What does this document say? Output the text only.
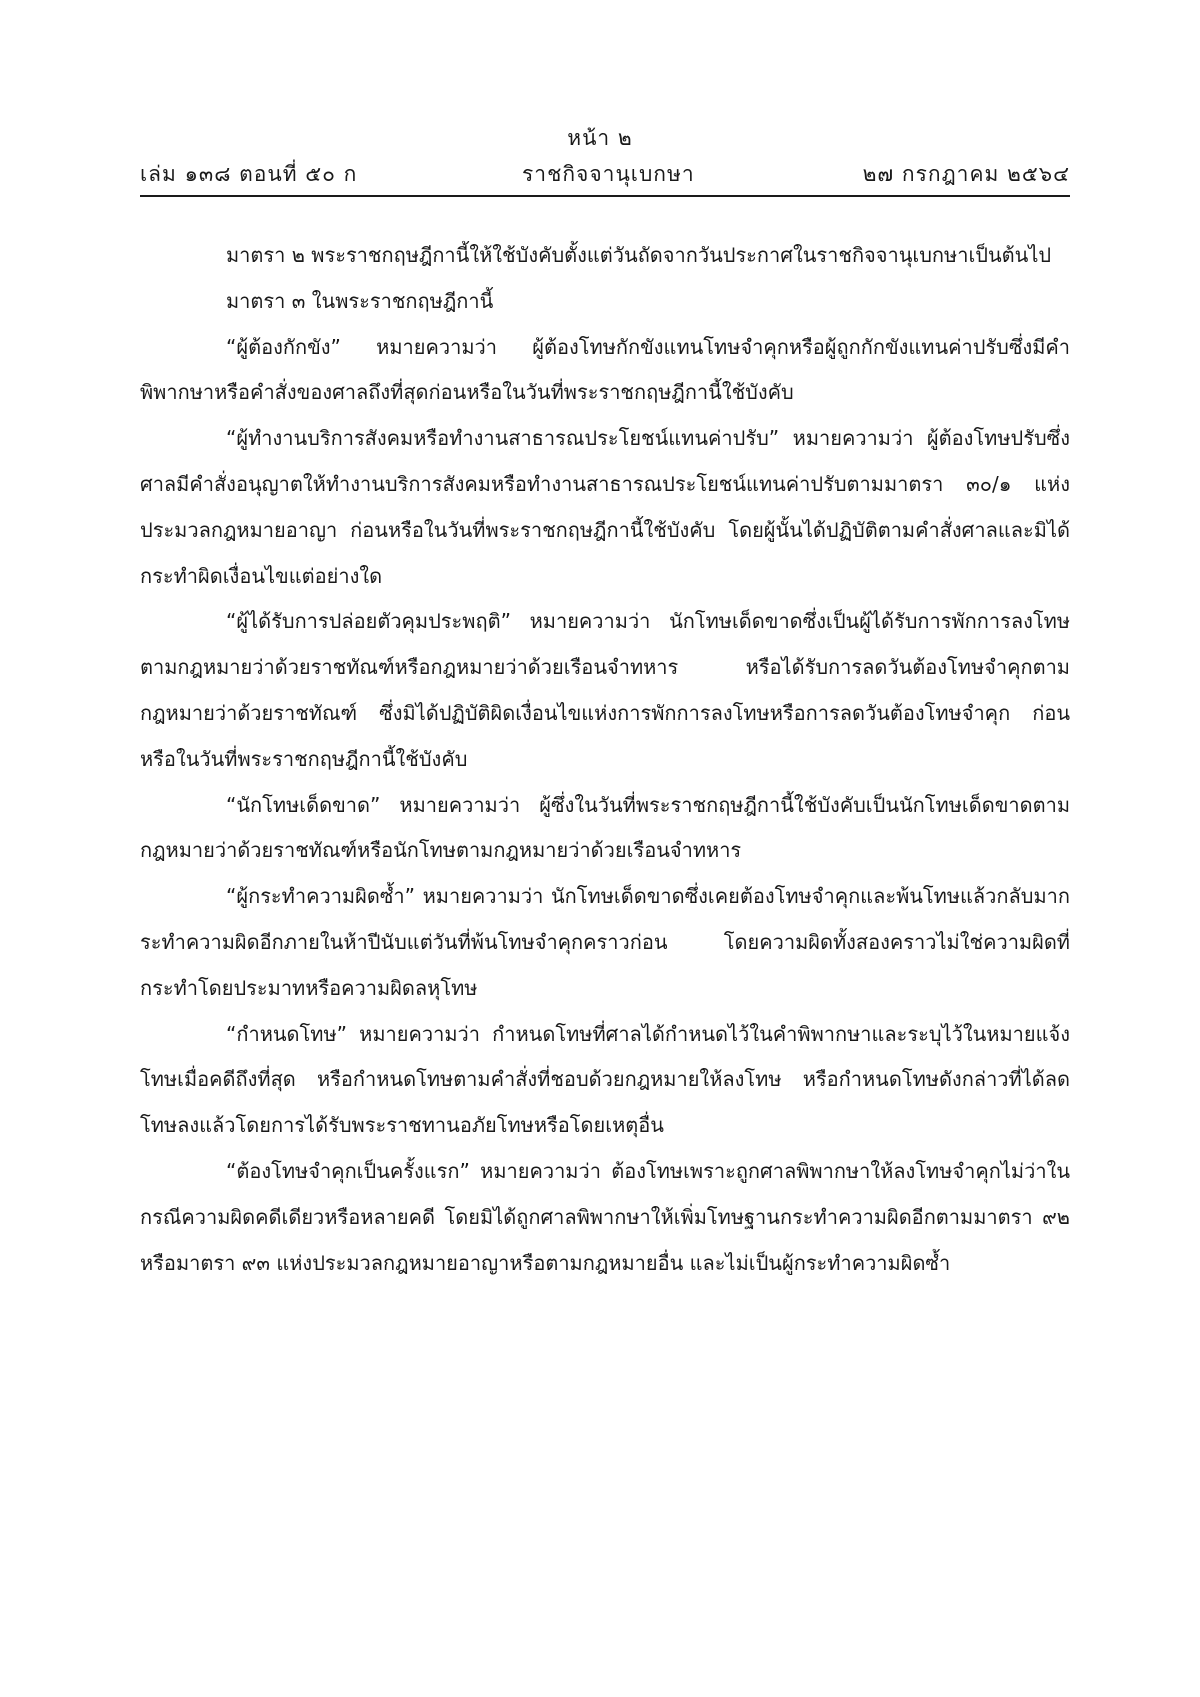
หน้า ๒
เล่ม ๑๓๘ ตอนที่ ๕๐ ก	ราชกิจจานุเบกษา	๒๗ กรกฎาคม ๒๕๖๔

มาตรา ๒ พระราชกฤษฎีกานี้ให้ใช้บังคับตั้งแต่วันถัดจากวันประกาศในราชกิจจานุเบกษาเป็นต้นไป

มาตรา ๓ ในพระราชกฤษฎีกานี้

“ผู้ต้องกักขัง” หมายความว่า ผู้ต้องโทษกักขังแทนโทษจำคุกหรือผู้ถูกกักขังแทนค่าปรับซึ่งมีคำพิพากษาหรือคำสั่งของศาลถึงที่สุดก่อนหรือในวันที่พระราชกฤษฎีกานี้ใช้บังคับ

“ผู้ทำงานบริการสังคมหรือทำงานสาธารณประโยชน์แทนค่าปรับ” หมายความว่า ผู้ต้องโทษปรับซึ่งศาลมีคำสั่งอนุญาตให้ทำงานบริการสังคมหรือทำงานสาธารณประโยชน์แทนค่าปรับตามมาตรา ๓๐/๑ แห่งประมวลกฎหมายอาญา ก่อนหรือในวันที่พระราชกฤษฎีกานี้ใช้บังคับ โดยผู้นั้นได้ปฏิบัติตามคำสั่งศาลและมิได้กระทำผิดเงื่อนไขแต่อย่างใด

“ผู้ได้รับการปล่อยตัวคุมประพฤติ” หมายความว่า นักโทษเด็ดขาดซึ่งเป็นผู้ได้รับการพักการลงโทษตามกฎหมายว่าด้วยราชทัณฑ์หรือกฎหมายว่าด้วยเรือนจำทหาร หรือได้รับการลดวันต้องโทษจำคุกตามกฎหมายว่าด้วยราชทัณฑ์ ซึ่งมิได้ปฏิบัติผิดเงื่อนไขแห่งการพักการลงโทษหรือการลดวันต้องโทษจำคุก ก่อนหรือในวันที่พระราชกฤษฎีกานี้ใช้บังคับ

“นักโทษเด็ดขาด” หมายความว่า ผู้ซึ่งในวันที่พระราชกฤษฎีกานี้ใช้บังคับเป็นนักโทษเด็ดขาดตามกฎหมายว่าด้วยราชทัณฑ์หรือนักโทษตามกฎหมายว่าด้วยเรือนจำทหาร

“ผู้กระทำความผิดซ้ำ” หมายความว่า นักโทษเด็ดขาดซึ่งเคยต้องโทษจำคุกและพ้นโทษแล้วกลับมากระทำความผิดอีกภายในห้าปีนับแต่วันที่พ้นโทษจำคุกคราวก่อน โดยความผิดทั้งสองคราวไม่ใช่ความผิดที่กระทำโดยประมาทหรือความผิดลหุโทษ

“กำหนดโทษ” หมายความว่า กำหนดโทษที่ศาลได้กำหนดไว้ในคำพิพากษาและระบุไว้ในหมายแจ้งโทษเมื่อคดีถึงที่สุด หรือกำหนดโทษตามคำสั่งที่ชอบด้วยกฎหมายให้ลงโทษ หรือกำหนดโทษดังกล่าวที่ได้ลดโทษลงแล้วโดยการได้รับพระราชทานอภัยโทษหรือโดยเหตุอื่น

“ต้องโทษจำคุกเป็นครั้งแรก” หมายความว่า ต้องโทษเพราะถูกศาลพิพากษาให้ลงโทษจำคุกไม่ว่าในกรณีความผิดคดีเดียวหรือหลายคดี โดยมิได้ถูกศาลพิพากษาให้เพิ่มโทษฐานกระทำความผิดอีกตามมาตรา ๙๒ หรือมาตรา ๙๓ แห่งประมวลกฎหมายอาญาหรือตามกฎหมายอื่น และไม่เป็นผู้กระทำความผิดซ้ำ
